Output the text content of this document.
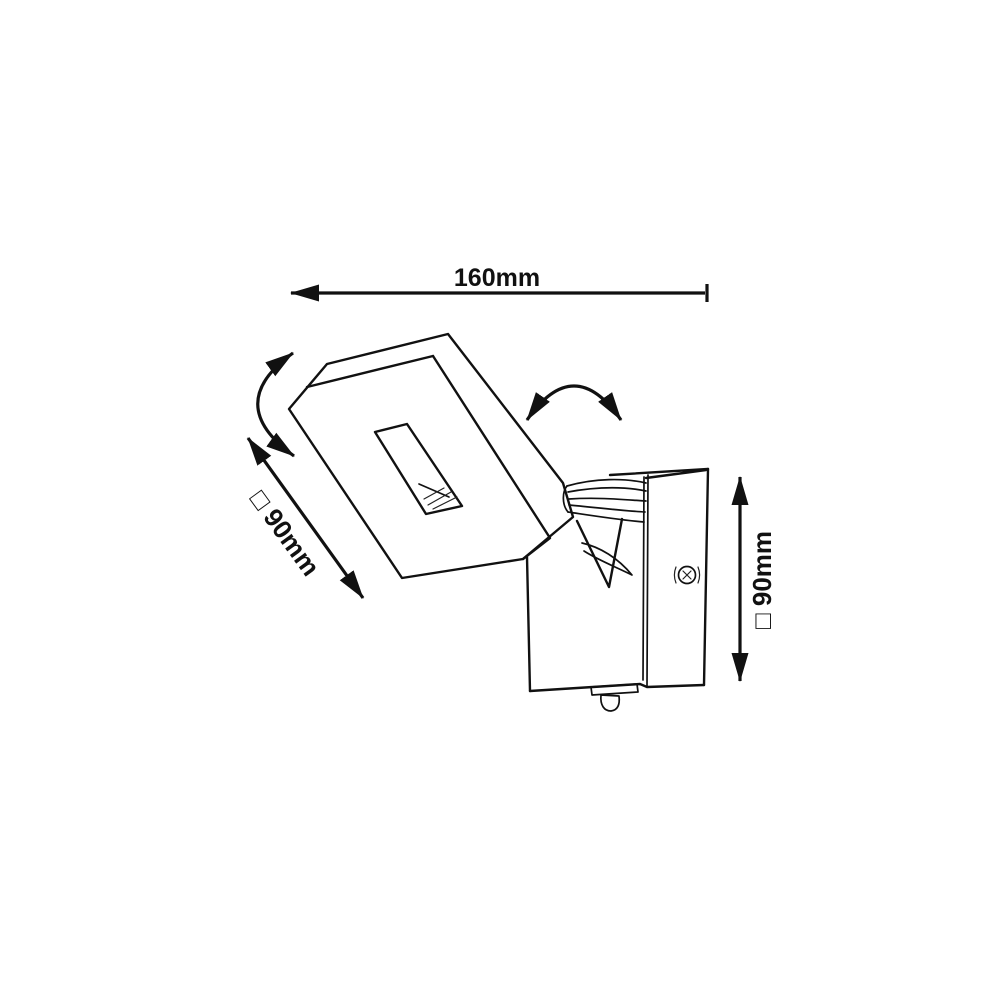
160mm
□ 90mm	□ 90mm
